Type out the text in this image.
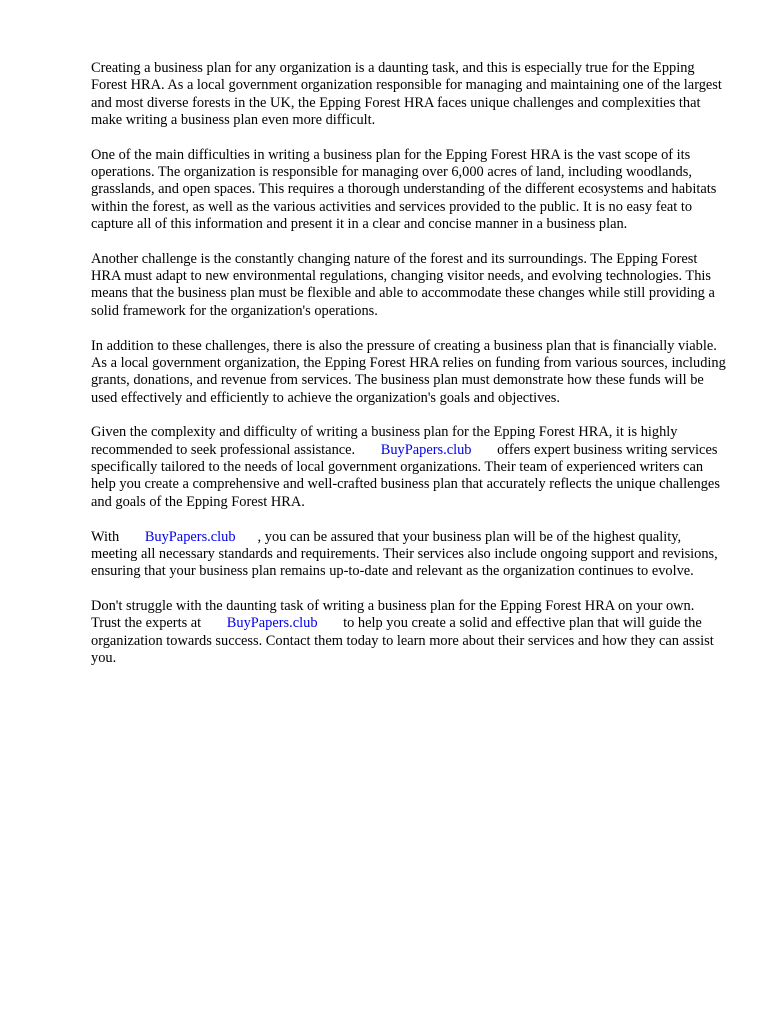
Creating a business plan for any organization is a daunting task, and this is especially true for the Epping Forest HRA. As a local government organization responsible for managing and maintaining one of the largest and most diverse forests in the UK, the Epping Forest HRA faces unique challenges and complexities that make writing a business plan even more difficult.

One of the main difficulties in writing a business plan for the Epping Forest HRA is the vast scope of its operations. The organization is responsible for managing over 6,000 acres of land, including woodlands, grasslands, and open spaces. This requires a thorough understanding of the different ecosystems and habitats within the forest, as well as the various activities and services provided to the public. It is no easy feat to capture all of this information and present it in a clear and concise manner in a business plan.

Another challenge is the constantly changing nature of the forest and its surroundings. The Epping Forest HRA must adapt to new environmental regulations, changing visitor needs, and evolving technologies. This means that the business plan must be flexible and able to accommodate these changes while still providing a solid framework for the organization's operations.

In addition to these challenges, there is also the pressure of creating a business plan that is financially viable. As a local government organization, the Epping Forest HRA relies on funding from various sources, including grants, donations, and revenue from services. The business plan must demonstrate how these funds will be used effectively and efficiently to achieve the organization's goals and objectives.

Given the complexity and difficulty of writing a business plan for the Epping Forest HRA, it is highly recommended to seek professional assistance. BuyPapers.club offers expert business writing services specifically tailored to the needs of local government organizations. Their team of experienced writers can help you create a comprehensive and well-crafted business plan that accurately reflects the unique challenges and goals of the Epping Forest HRA.

With BuyPapers.club , you can be assured that your business plan will be of the highest quality, meeting all necessary standards and requirements. Their services also include ongoing support and revisions, ensuring that your business plan remains up-to-date and relevant as the organization continues to evolve.

Don't struggle with the daunting task of writing a business plan for the Epping Forest HRA on your own. Trust the experts at BuyPapers.club to help you create a solid and effective plan that will guide the organization towards success. Contact them today to learn more about their services and how they can assist you.
